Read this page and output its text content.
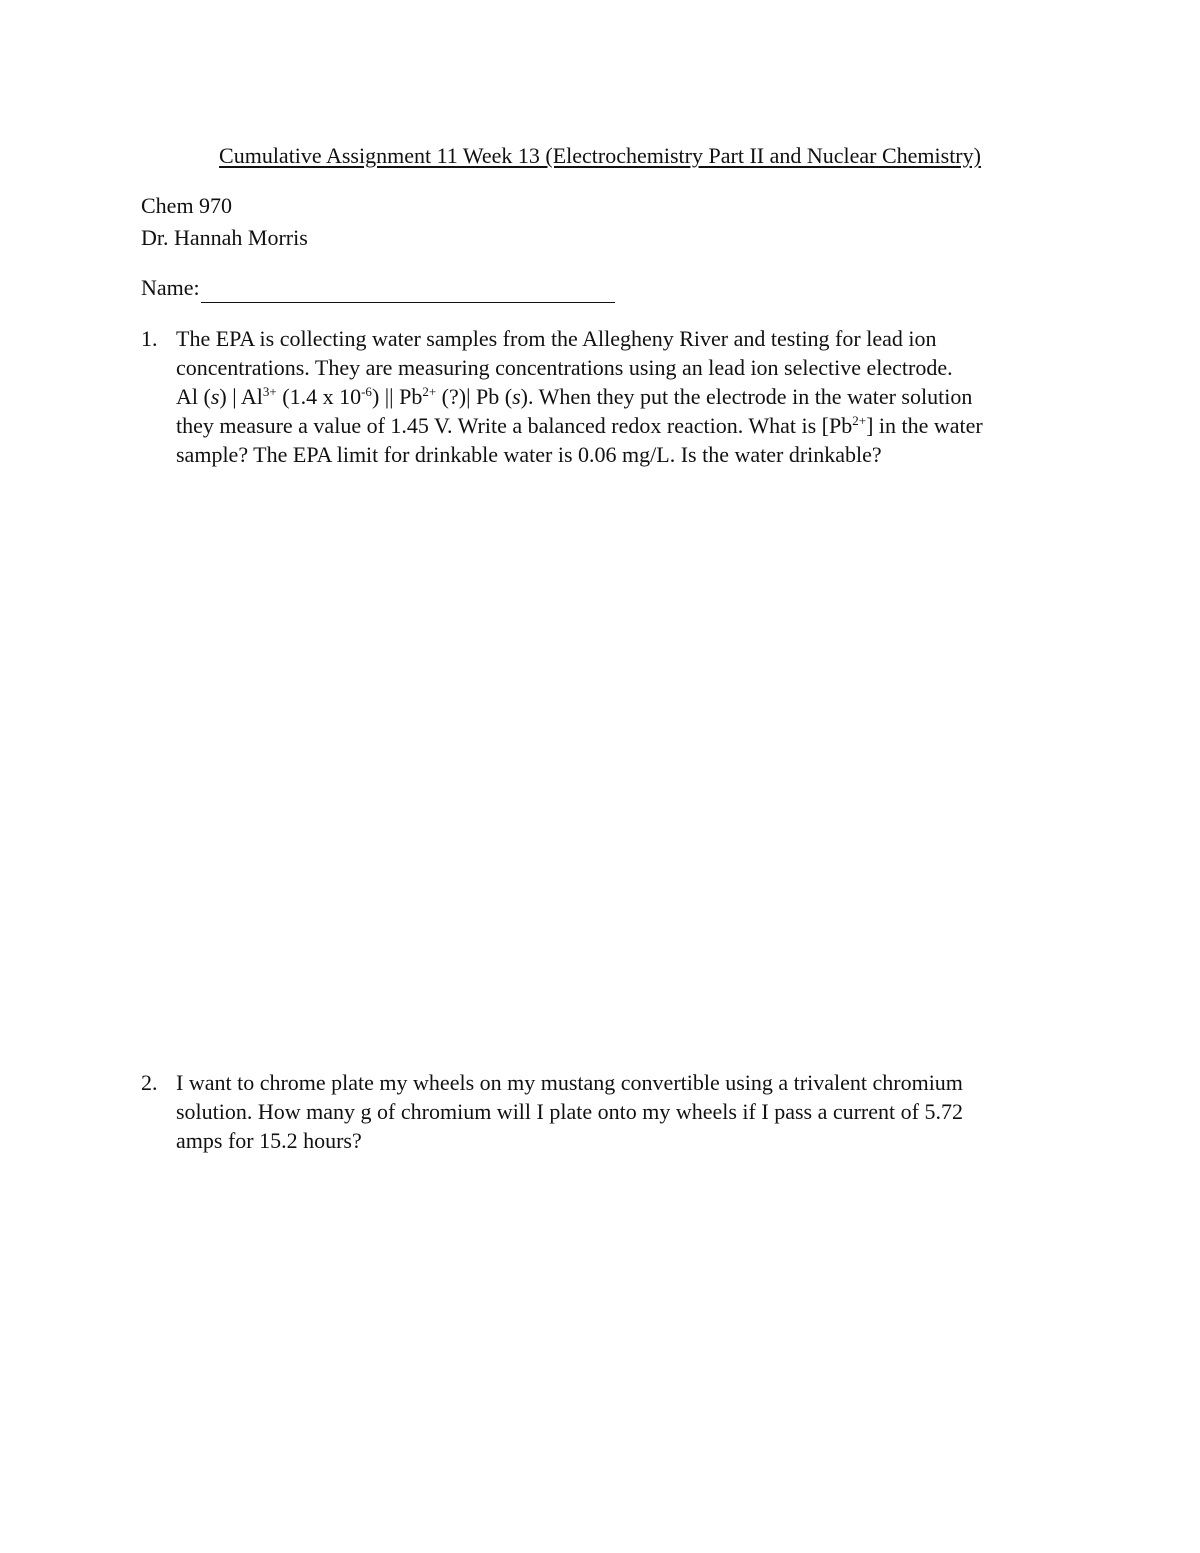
Cumulative Assignment 11 Week 13 (Electrochemistry Part II and Nuclear Chemistry)
Chem 970
Dr. Hannah Morris
Name:
1. The EPA is collecting water samples from the Allegheny River and testing for lead ion
concentrations. They are measuring concentrations using an lead ion selective electrode.
Al (s) | $Al^{3+}$ (1.4 x $10^{-6}$) || $Pb^{2+}$ (?)| Pb (s). When they put the electrode in the water solution
they measure a value of 1.45 V. Write a balanced redox reaction. What is $[Pb^{2+}]$ in the water
sample? The EPA limit for drinkable water is 0.06 mg/L. Is the water drinkable?
2. I want to chrome plate my wheels on my mustang convertible using a trivalent chromium
solution. How many g of chromium will I plate onto my wheels if I pass a current of 5.72
amps for 15.2 hours?
